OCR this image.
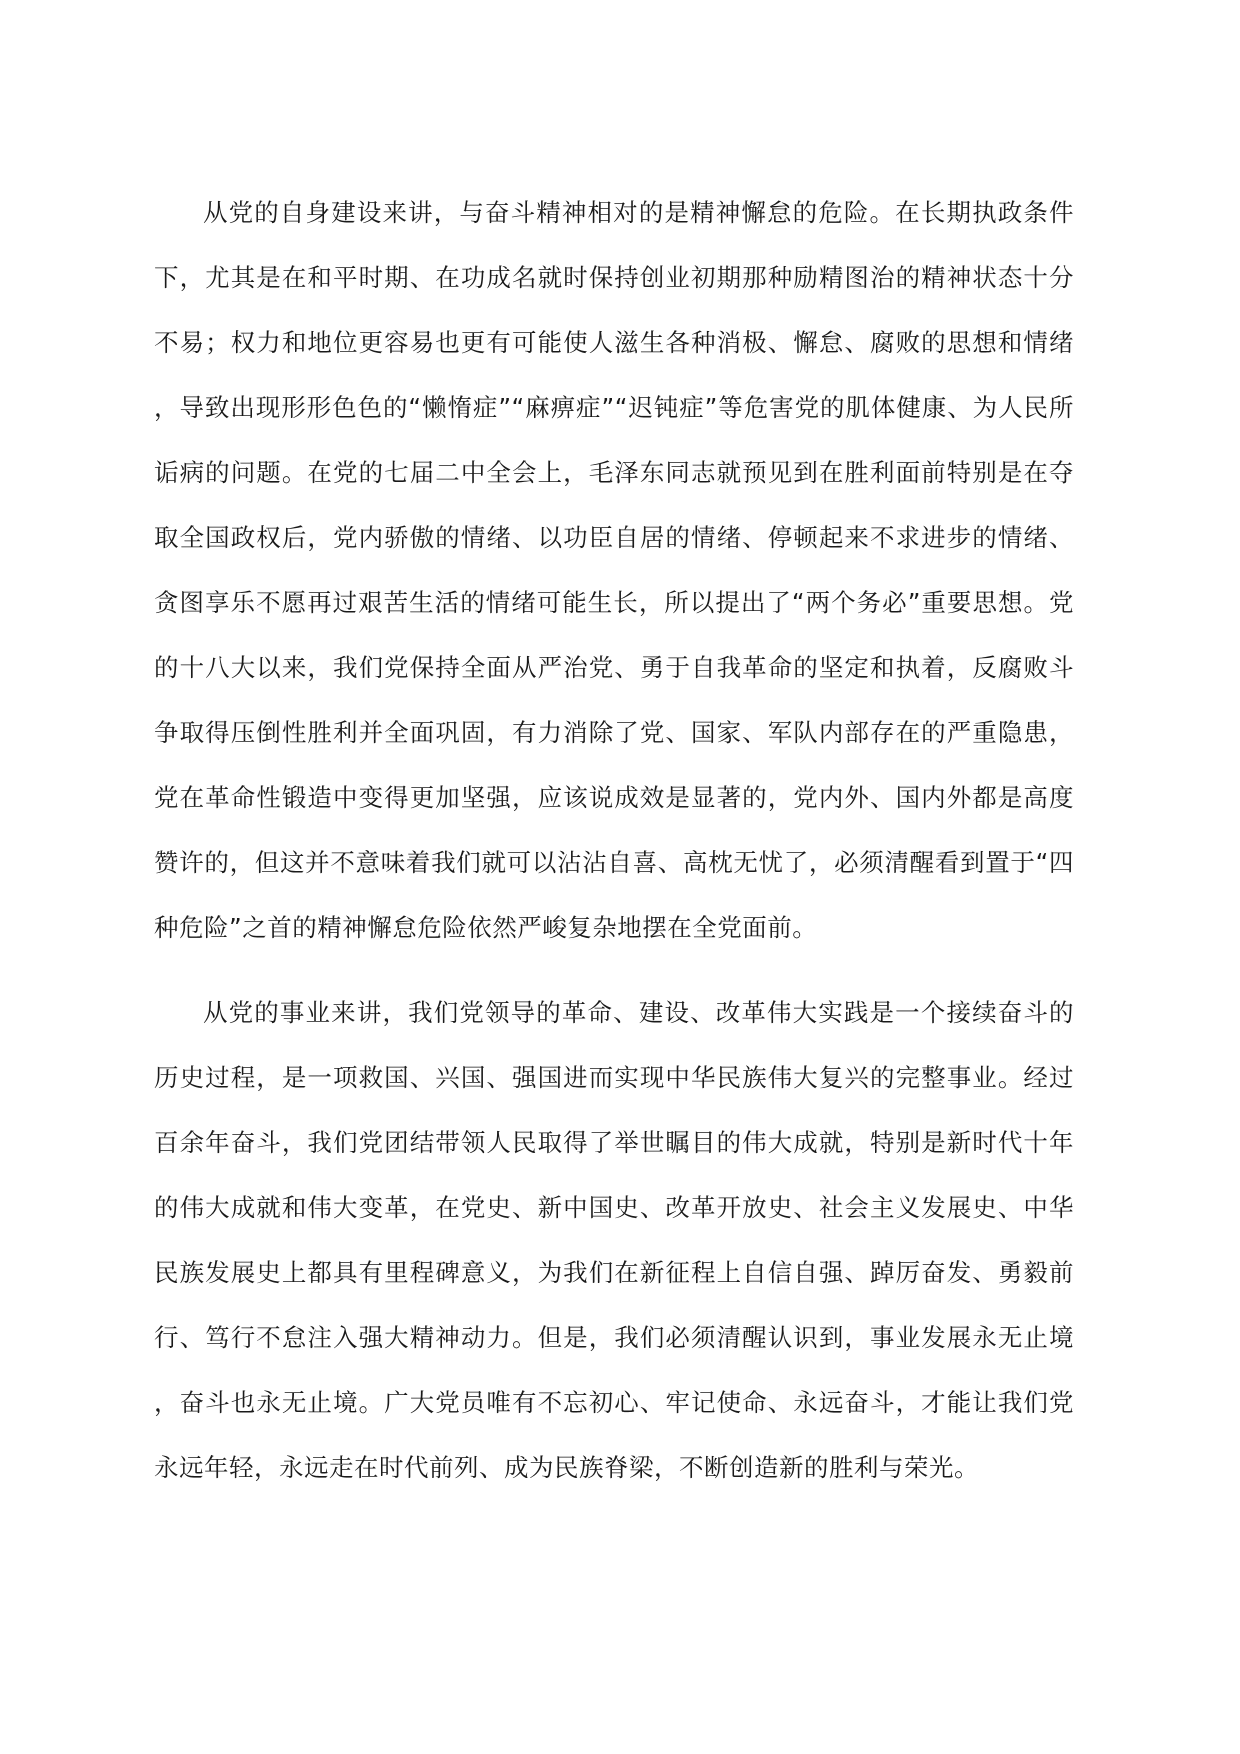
从党的自身建设来讲，与奋斗精神相对的是精神懈怠的危险。在长期执政条件下，尤其是在和平时期、在功成名就时保持创业初期那种励精图治的精神状态十分不易；权力和地位更容易也更有可能使人滋生各种消极、懈怠、腐败的思想和情绪，导致出现形形色色的“懒惰症”“麻痹症”“迟钝症”等危害党的肌体健康、为人民所诟病的问题。在党的七届二中全会上，毛泽东同志就预见到在胜利面前特别是在夺取全国政权后，党内骄傲的情绪、以功臣自居的情绪、停顿起来不求进步的情绪、贪图享乐不愿再过艰苦生活的情绪可能生长，所以提出了“两个务必”重要思想。党的十八大以来，我们党保持全面从严治党、勇于自我革命的坚定和执着，反腐败斗争取得压倒性胜利并全面巩固，有力消除了党、国家、军队内部存在的严重隐患，党在革命性锻造中变得更加坚强，应该说成效是显著的，党内外、国内外都是高度赞许的，但这并不意味着我们就可以沾沾自喜、高枕无忧了，必须清醒看到置于“四种危险”之首的精神懈怠危险依然严峻复杂地摆在全党面前。

从党的事业来讲，我们党领导的革命、建设、改革伟大实践是一个接续奋斗的历史过程，是一项救国、兴国、强国进而实现中华民族伟大复兴的完整事业。经过百余年奋斗，我们党团结带领人民取得了举世瞩目的伟大成就，特别是新时代十年的伟大成就和伟大变革，在党史、新中国史、改革开放史、社会主义发展史、中华民族发展史上都具有里程碑意义，为我们在新征程上自信自强、踔厉奋发、勇毅前行、笃行不怠注入强大精神动力。但是，我们必须清醒认识到，事业发展永无止境，奋斗也永无止境。广大党员唯有不忘初心、牢记使命、永远奋斗，才能让我们党永远年轻，永远走在时代前列、成为民族脊梁，不断创造新的胜利与荣光。
